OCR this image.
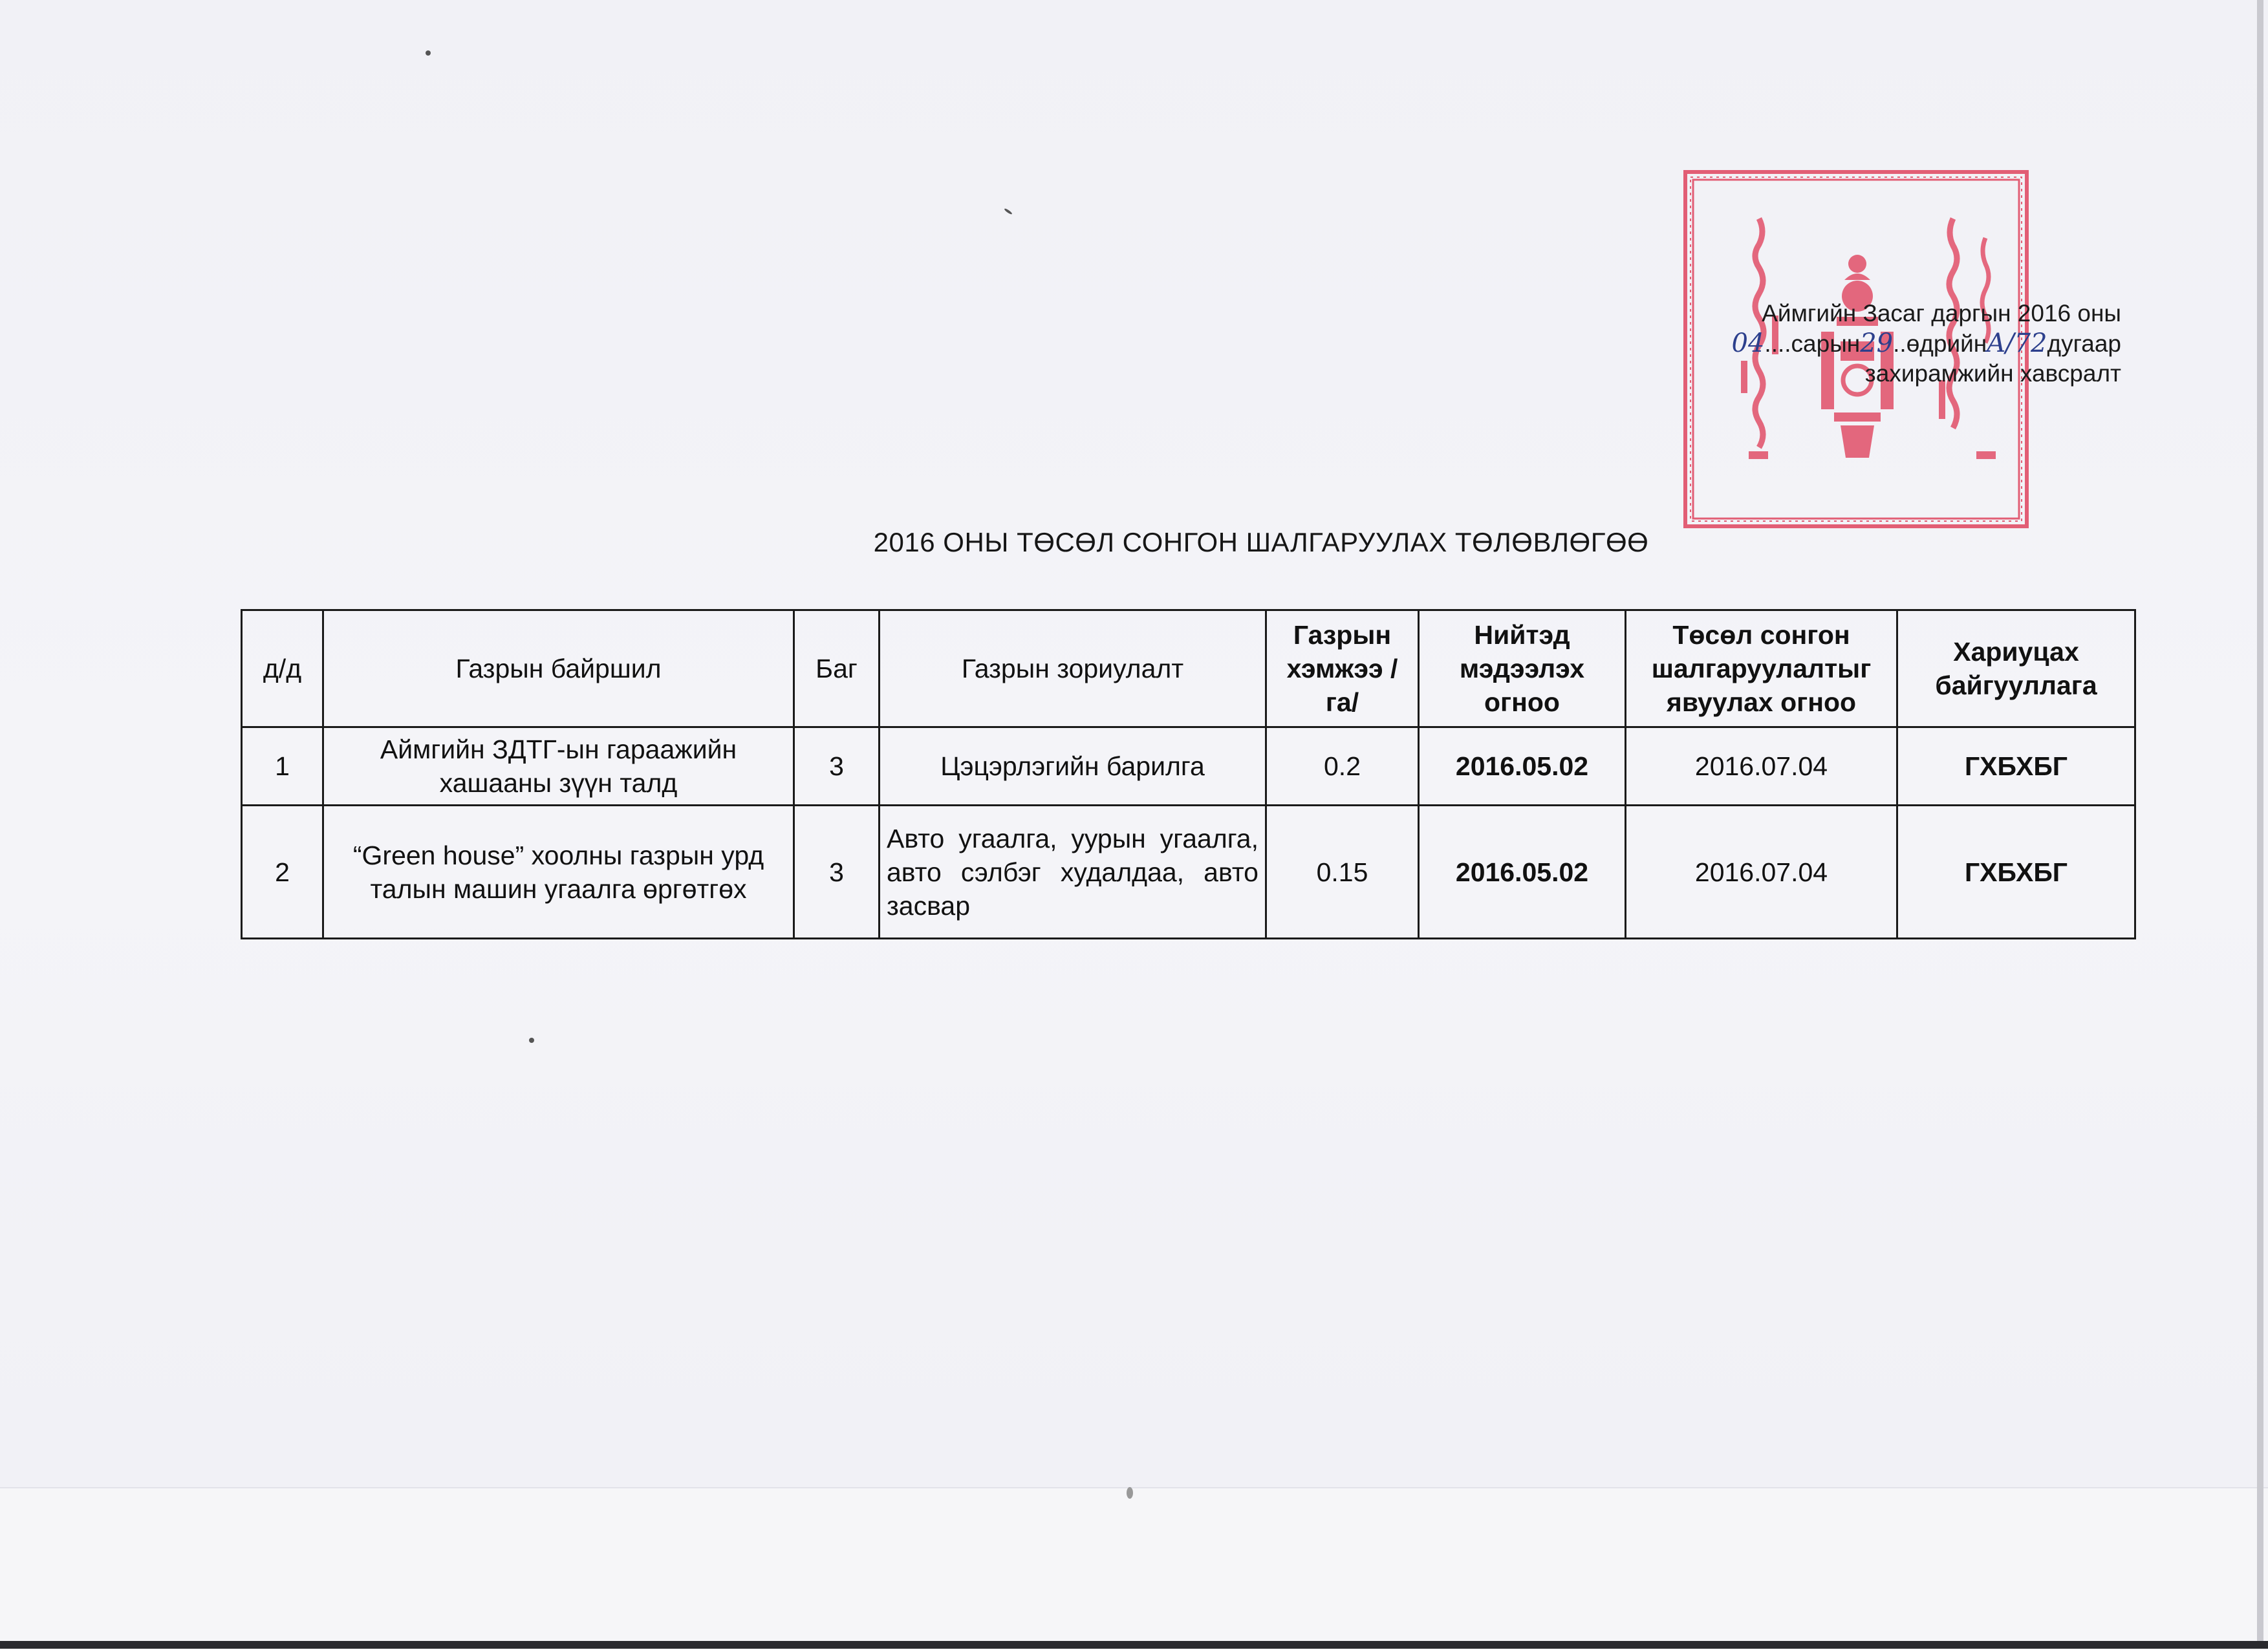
Аймгийн Засаг даргын 2016 оны
04....сарын29..өдрийнA/72дугаар
захирамжийн хавсралт
2016 ОНЫ ТӨСӨЛ СОНГОН ШАЛГАРУУЛАХ ТӨЛӨВЛӨГӨӨ
д/д	Газрын байршил	Баг	Газрын зориулалт	Газрын хэмжээ /га/	Нийтэд мэдээлэх огноо	Төсөл сонгон шалгаруулалтыг явуулах огноо	Хариуцах байгууллага
1	Аймгийн ЗДТГ-ын гараажийн хашааны зүүн талд	3	Цэцэрлэгийн барилга	0.2	2016.05.02	2016.07.04	ГХБХБГ
2	“Green house” хоолны газрын урд талын машин угаалга өргөтгөх	3	Авто угаалга, уурын угаалга, авто сэлбэг худалдаа, авто засвар	0.15	2016.05.02	2016.07.04	ГХБХБГ
